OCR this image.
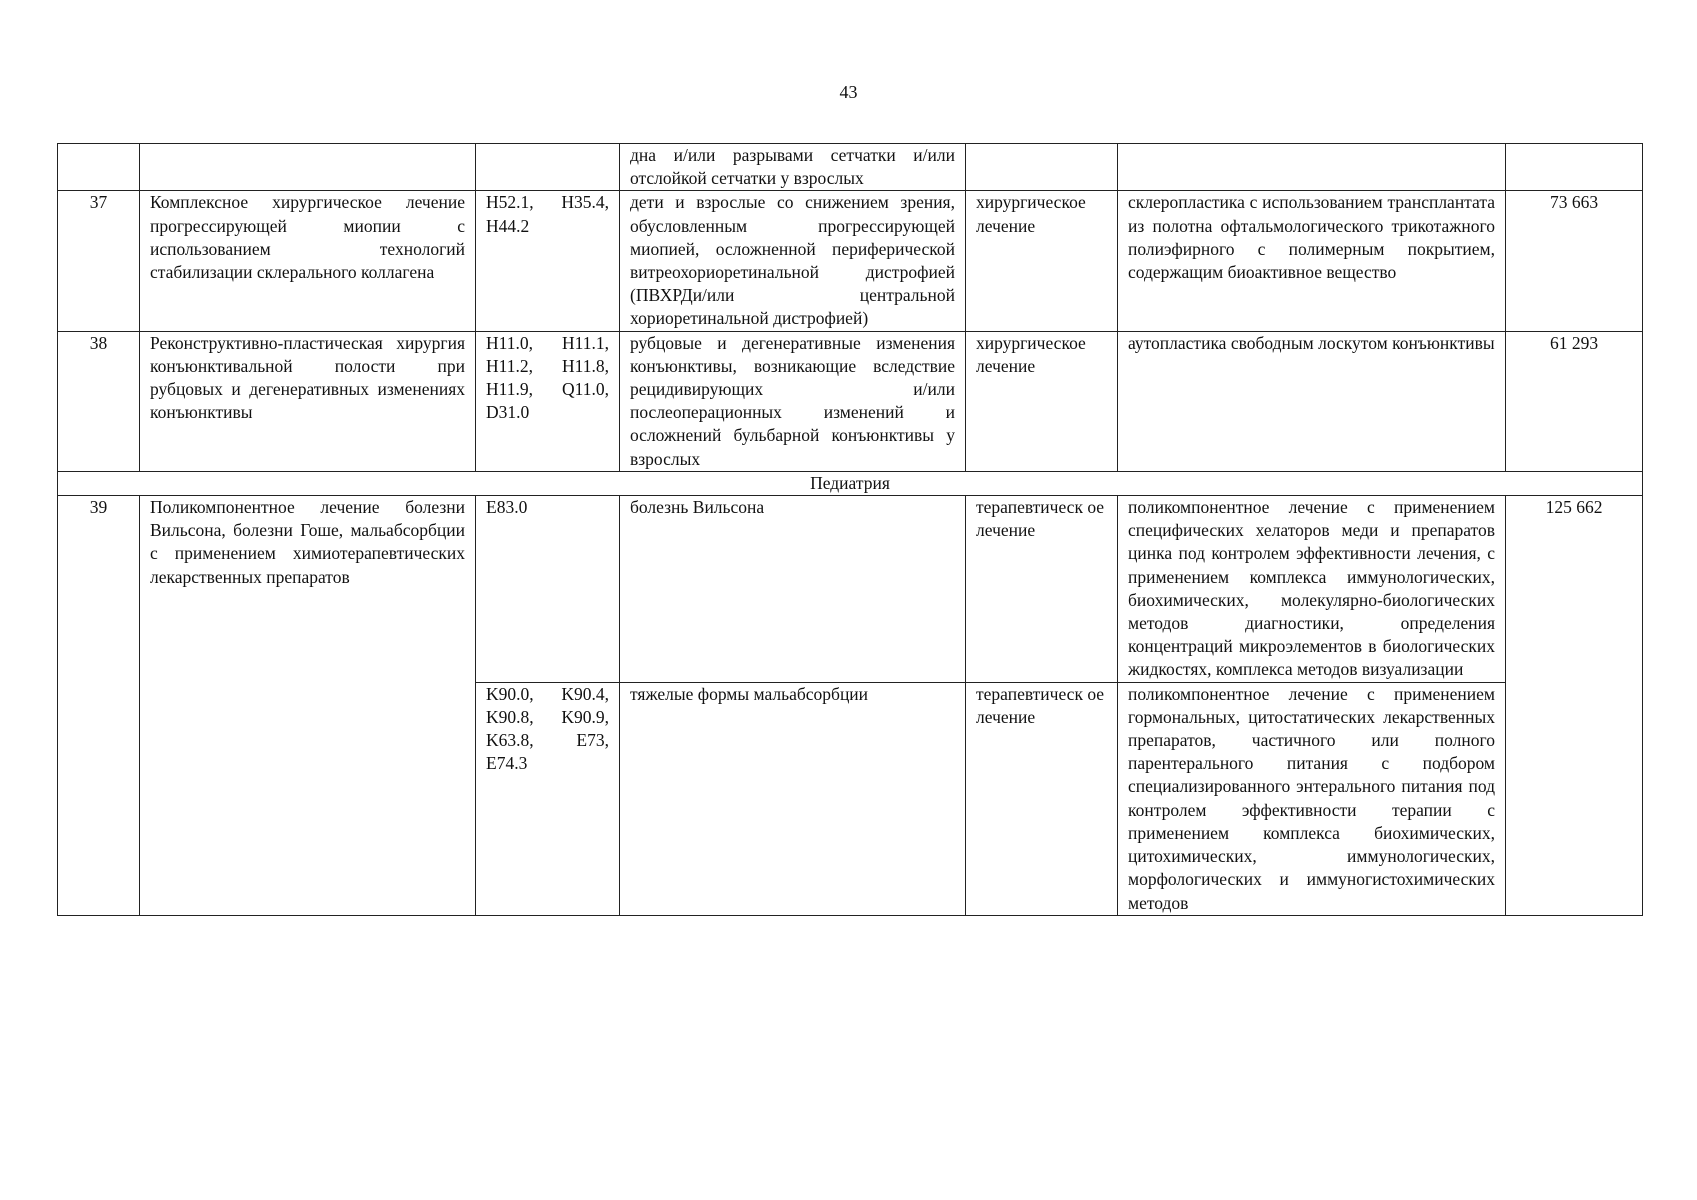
43
			дна и/или разрывами сетчатки и/или отслойкой сетчатки у взрослых			
37	Комплексное хирургическое лечение прогрессирующей миопии с использованием технологий стабилизации склерального коллагена	H52.1, H35.4, H44.2	дети и взрослые со снижением зрения, обусловленным прогрессирующей миопией, осложненной периферической витреохориоретинальной дистрофией (ПВХРДи/или центральной хориоретинальной дистрофией)	хирургическое лечение	склеропластика с использованием трансплантата из полотна офтальмологического трикотажного полиэфирного с полимерным покрытием, содержащим биоактивное вещество	73 663
38	Реконструктивно-пластическая хирургия конъюнктивальной полости при рубцовых и дегенеративных изменениях конъюнктивы	H11.0, H11.1, H11.2, H11.8, H11.9, Q11.0, D31.0	рубцовые и дегенеративные изменения конъюнктивы, возникающие вследствие рецидивирующих и/или послеоперационных изменений и осложнений бульбарной конъюнктивы у взрослых	хирургическое лечение	аутопластика свободным лоскутом конъюнктивы	61 293
Педиатрия						
39	Поликомпонентное лечение болезни Вильсона, болезни Гоше, мальабсорбции с применением химиотерапевтических лекарственных препаратов	E83.0	болезнь Вильсона	терапевтическ ое лечение	поликомпонентное лечение с применением специфических хелаторов меди и препаратов цинка под контролем эффективности лечения, с применением комплекса иммунологических, биохимических, молекулярно-биологических методов диагностики, определения концентраций микроэлементов в биологических жидкостях, комплекса методов визуализации	125 662
		K90.0, K90.4, K90.8, K90.9, K63.8, E73, E74.3	тяжелые формы мальабсорбции	терапевтическ ое лечение	поликомпонентное лечение с применением гормональных, цитостатических лекарственных препаратов, частичного или полного парентерального питания с подбором специализированного энтерального питания под контролем эффективности терапии с применением комплекса биохимических, цитохимических, иммунологических, морфологических и иммуногистохимических методов	
